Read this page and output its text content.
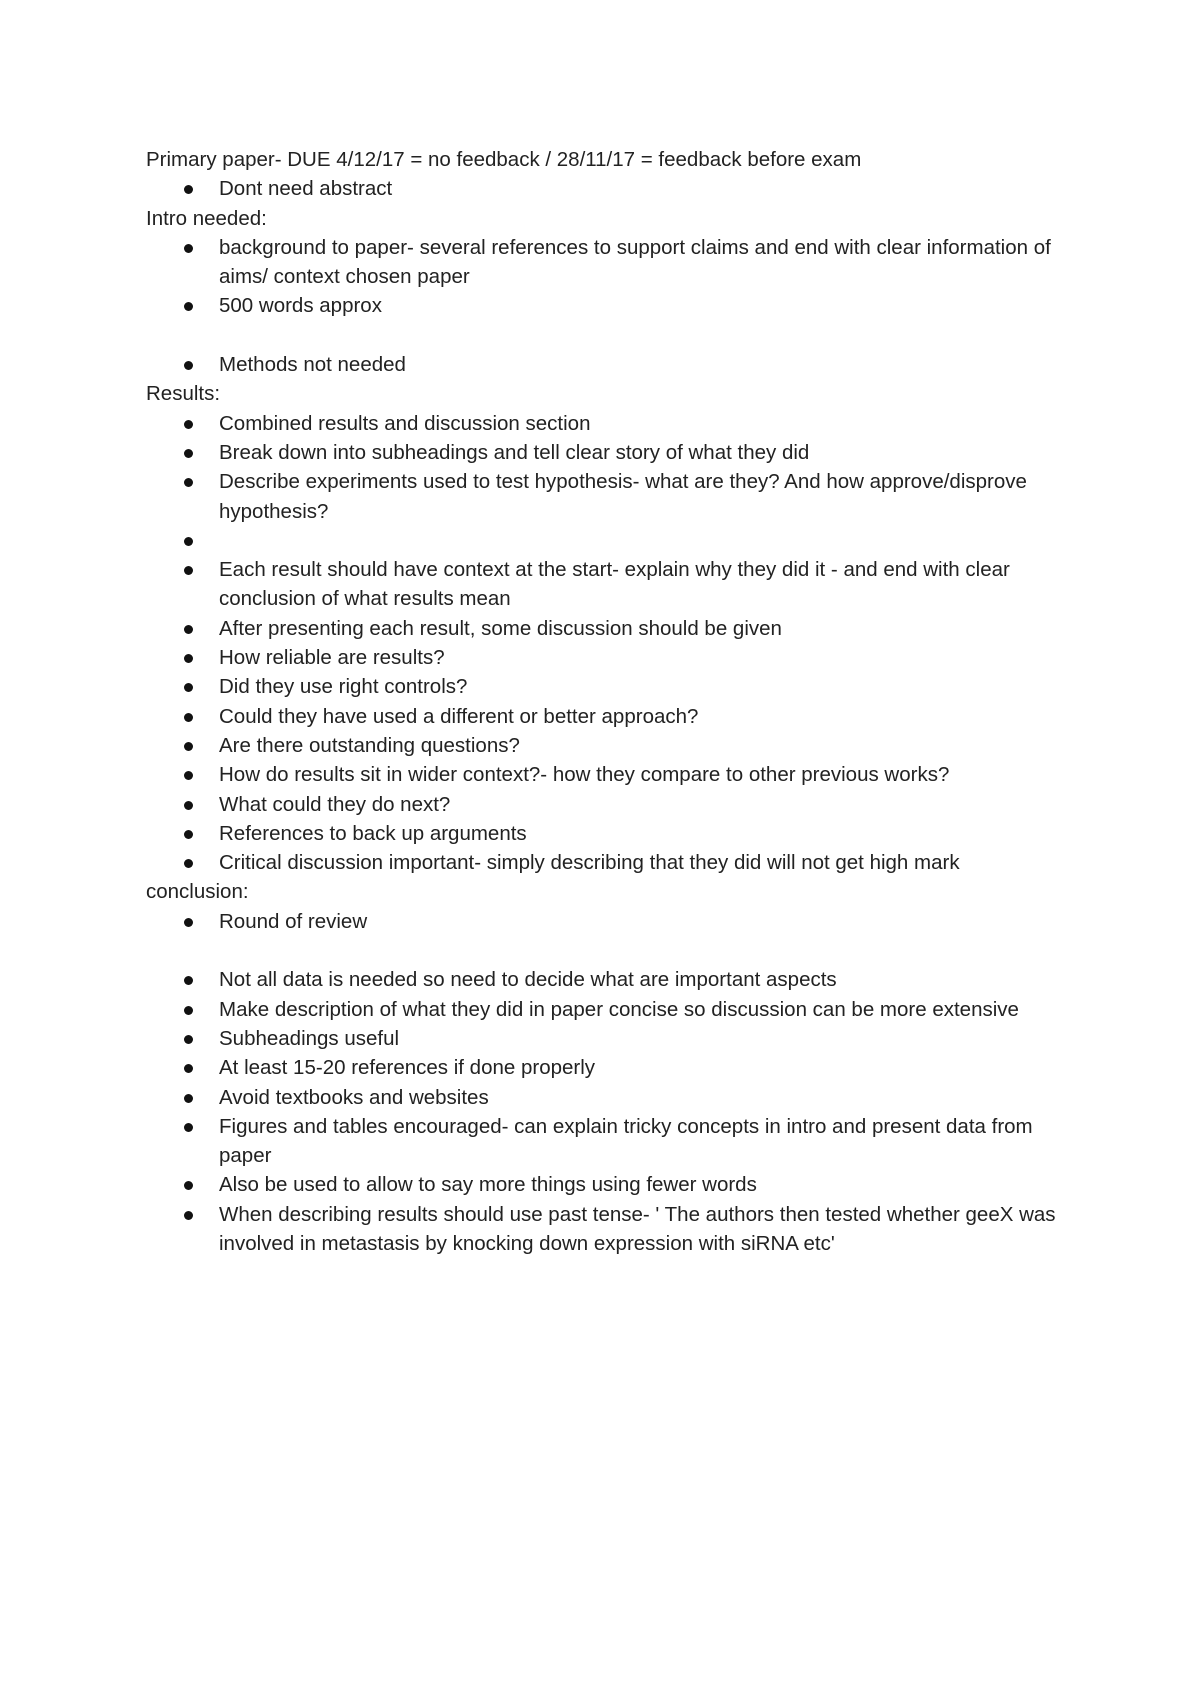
Primary paper- DUE 4/12/17 = no feedback / 28/11/17 = feedback before exam

Dont need abstract

Intro needed:

background to paper- several references to support claims and end with clear information of aims/ context chosen paper
500 words approx
Methods not needed

Results:

Combined results and discussion section
Break down into subheadings and tell clear story of what they did
Describe experiments used to test hypothesis- what are they? And how approve/disprove hypothesis?
Each result should have context at the start- explain why they did it - and end with clear conclusion of what results mean
After presenting each result, some discussion should be given
How reliable are results?
Did they use right controls?
Could they have used a different or better approach?
Are there outstanding questions?
How do results sit in wider context?- how they compare to other previous works?
What could they do next?
References to back up arguments
Critical discussion important- simply describing that they did will not get high mark

conclusion:

Round of review
Not all data is needed so need to decide what are important aspects
Make description of what they did in paper concise so discussion can be more extensive
Subheadings useful
At least 15-20 references if done properly
Avoid textbooks and websites
Figures and tables encouraged- can explain tricky concepts in intro and present data from paper
Also be used to allow to say more things using fewer words
When describing results should use past tense- ' The authors then tested whether geeX was involved in metastasis by knocking down expression with siRNA etc'
